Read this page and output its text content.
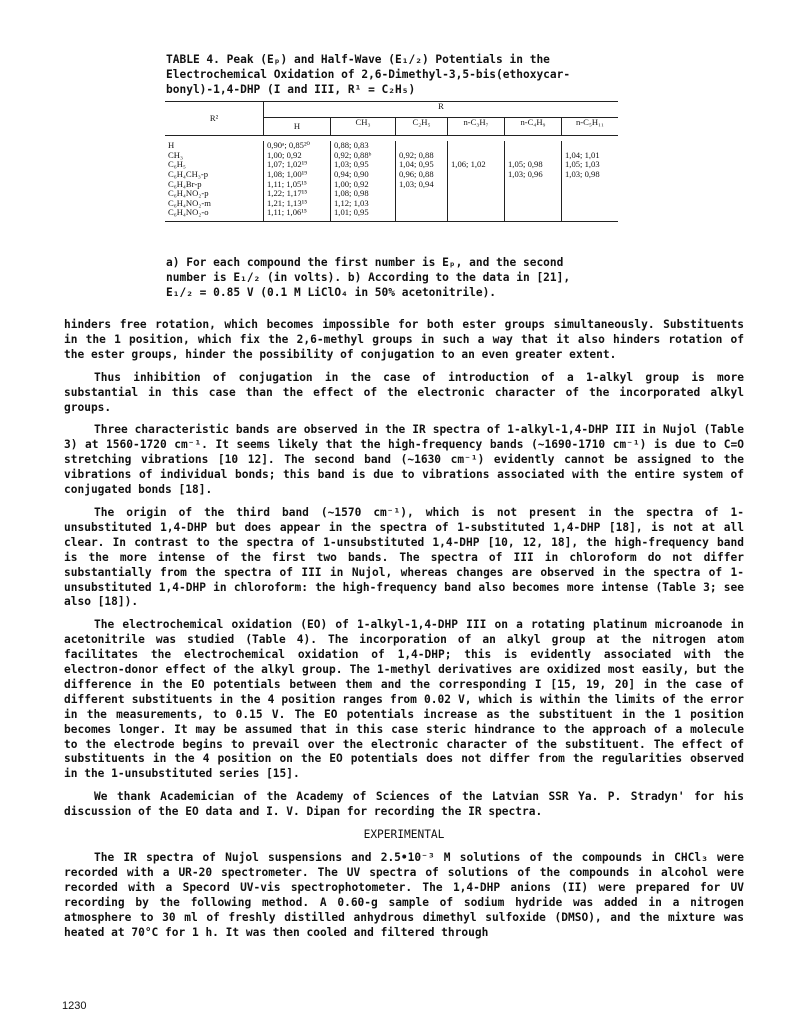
TABLE 4. Peak (Eₚ) and Half-Wave (E₁/₂) Potentials in the
Electrochemical Oxidation of 2,6-Dimethyl-3,5-bis(ethoxycar-
bonyl)-1,4-DHP (I and III, R¹ = C₂H₅)
R²	R					
	H	CH₃	C₂H₅	n-C₃H₇	n-C₄H₉	n-C₅H₁₁

H	0,90ᵃ; 0,85²⁰	0,88; 0,83				
CH₃	1,00; 0,92	0,92; 0,88ᵇ	0,92; 0,88			1,04; 1,01
C₆H₅	1,07; 1,02¹⁹	1,03; 0,95	1,04; 0,95	1,06; 1,02	1,05; 0,98	1,05; 1,03
C₆H₄CH₃-p	1,08; 1,00¹⁹	0,94; 0,90	0,96; 0,88		1,03; 0,96	1,03; 0,98
C₆H₄Br-p	1,11; 1,05¹⁵	1,00; 0,92	1,03; 0,94			
C₆H₄NO₂-p	1,22; 1,17¹⁵	1,08; 0,98				
C₆H₄NO₂-m	1,21; 1,13¹⁵	1,12; 1,03				
C₆H₄NO₂-o	1,11; 1,06¹⁵	1,01; 0,95				
a) For each compound the first number is Eₚ, and the second
number is E₁/₂ (in volts). b) According to the data in [21],
E₁/₂ = 0.85 V (0.1 M LiClO₄ in 50% acetonitrile).

hinders free rotation, which becomes impossible for both ester groups simultaneously. Substituents in the 1 position, which fix the 2,6-methyl groups in such a way that it also hinders rotation of the ester groups, hinder the possibility of conjugation to an even greater extent.

Thus inhibition of conjugation in the case of introduction of a 1-alkyl group is more substantial in this case than the effect of the electronic character of the incorporated alkyl groups.

Three characteristic bands are observed in the IR spectra of 1-alkyl-1,4-DHP III in Nujol (Table 3) at 1560-1720 cm⁻¹. It seems likely that the high-frequency bands (~1690-1710 cm⁻¹) is due to C=O stretching vibrations [10 12]. The second band (~1630 cm⁻¹) evidently cannot be assigned to the vibrations of individual bonds; this band is due to vibrations associated with the entire system of conjugated bonds [18].

The origin of the third band (~1570 cm⁻¹), which is not present in the spectra of 1-unsubstituted 1,4-DHP but does appear in the spectra of 1-substituted 1,4-DHP [18], is not at all clear. In contrast to the spectra of 1-unsubstituted 1,4-DHP [10, 12, 18], the high-frequency band is the more intense of the first two bands. The spectra of III in chloroform do not differ substantially from the spectra of III in Nujol, whereas changes are observed in the spectra of 1-unsubstituted 1,4-DHP in chloroform: the high-frequency band also becomes more intense (Table 3; see also [18]).

The electrochemical oxidation (EO) of 1-alkyl-1,4-DHP III on a rotating platinum microanode in acetonitrile was studied (Table 4). The incorporation of an alkyl group at the nitrogen atom facilitates the electrochemical oxidation of 1,4-DHP; this is evidently associated with the electron-donor effect of the alkyl group. The 1-methyl derivatives are oxidized most easily, but the difference in the EO potentials between them and the corresponding I [15, 19, 20] in the case of different substituents in the 4 position ranges from 0.02 V, which is within the limits of the error in the measurements, to 0.15 V. The EO potentials increase as the substituent in the 1 position becomes longer. It may be assumed that in this case steric hindrance to the approach of a molecule to the electrode begins to prevail over the electronic character of the substituent. The effect of substituents in the 4 position on the EO potentials does not differ from the regularities observed in the 1-unsubstituted series [15].

We thank Academician of the Academy of Sciences of the Latvian SSR Ya. P. Stradyn' for his discussion of the EO data and I. V. Dipan for recording the IR spectra.

EXPERIMENTAL

The IR spectra of Nujol suspensions and 2.5•10⁻³ M solutions of the compounds in CHCl₃ were recorded with a UR-20 spectrometer. The UV spectra of solutions of the compounds in alcohol were recorded with a Specord UV-vis spectrophotometer. The 1,4-DHP anions (II) were prepared for UV recording by the following method. A 0.60-g sample of sodium hydride was added in a nitrogen atmosphere to 30 ml of freshly distilled anhydrous dimethyl sulfoxide (DMSO), and the mixture was heated at 70°C for 1 h. It was then cooled and filtered through

1230
